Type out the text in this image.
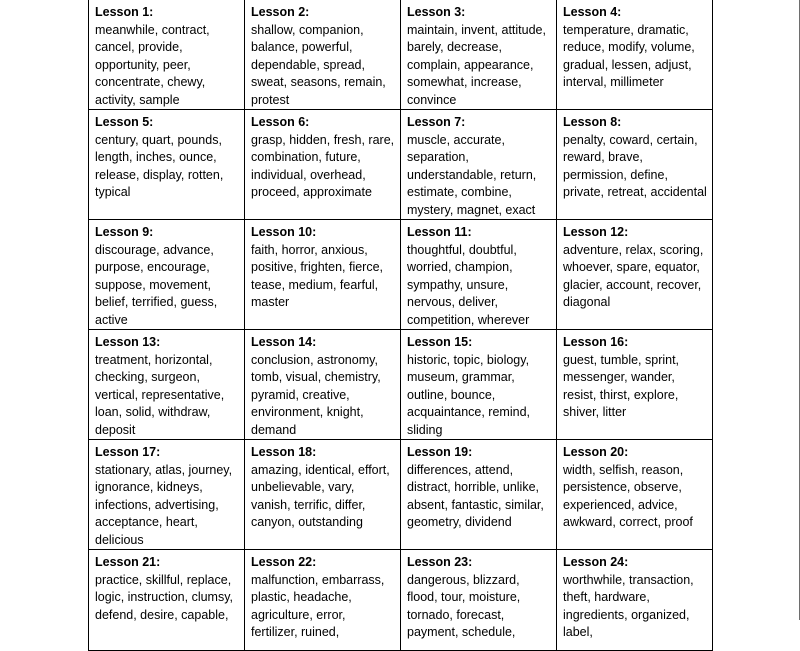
Lesson 1:
meanwhile, contract, cancel, provide, opportunity, peer, concentrate, chewy, activity, sample	Lesson 2:
shallow, companion, balance, powerful, dependable, spread, sweat, seasons, remain, protest	Lesson 3:
maintain, invent, attitude, barely, decrease, complain, appearance, somewhat, increase, convince	Lesson 4:
temperature, dramatic, reduce, modify, volume, gradual, lessen, adjust, interval, millimeter

Lesson 5:
century, quart, pounds, length, inches, ounce, release, display, rotten, typical	Lesson 6:
grasp, hidden, fresh, rare, combination, future, individual, overhead, proceed, approximate	Lesson 7:
muscle, accurate, separation, understandable, return, estimate, combine, mystery, magnet, exact	Lesson 8:
penalty, coward, certain, reward, brave, permission, define, private, retreat, accidental

Lesson 9:
discourage, advance, purpose, encourage, suppose, movement, belief, terrified, guess, active	Lesson 10:
faith, horror, anxious, positive, frighten, fierce, tease, medium, fearful, master	Lesson 11:
thoughtful, doubtful, worried, champion, sympathy, unsure, nervous, deliver, competition, wherever	Lesson 12:
adventure, relax, scoring, whoever, spare, equator, glacier, account, recover, diagonal

Lesson 13:
treatment, horizontal, checking, surgeon, vertical, representative, loan, solid, withdraw, deposit	Lesson 14:
conclusion, astronomy, tomb, visual, chemistry, pyramid, creative, environment, knight, demand	Lesson 15:
historic, topic, biology, museum, grammar, outline, bounce, acquaintance, remind, sliding	Lesson 16:
guest, tumble, sprint, messenger, wander, resist, thirst, explore, shiver, litter

Lesson 17:
stationary, atlas, journey, ignorance, kidneys, infections, advertising, acceptance, heart, delicious	Lesson 18:
amazing, identical, effort, unbelievable, vary, vanish, terrific, differ, canyon, outstanding	Lesson 19:
differences, attend, distract, horrible, unlike, absent, fantastic, similar, geometry, dividend	Lesson 20:
width, selfish, reason, persistence, observe, experienced, advice, awkward, correct, proof

Lesson 21:
practice, skillful, replace, logic, instruction, clumsy, defend, desire, capable,	Lesson 22:
malfunction, embarrass, plastic, headache, agriculture, error, fertilizer, ruined,	Lesson 23:
dangerous, blizzard, flood, tour, moisture, tornado, forecast, payment, schedule,	Lesson 24:
worthwhile, transaction, theft, hardware, ingredients, organized, label,
